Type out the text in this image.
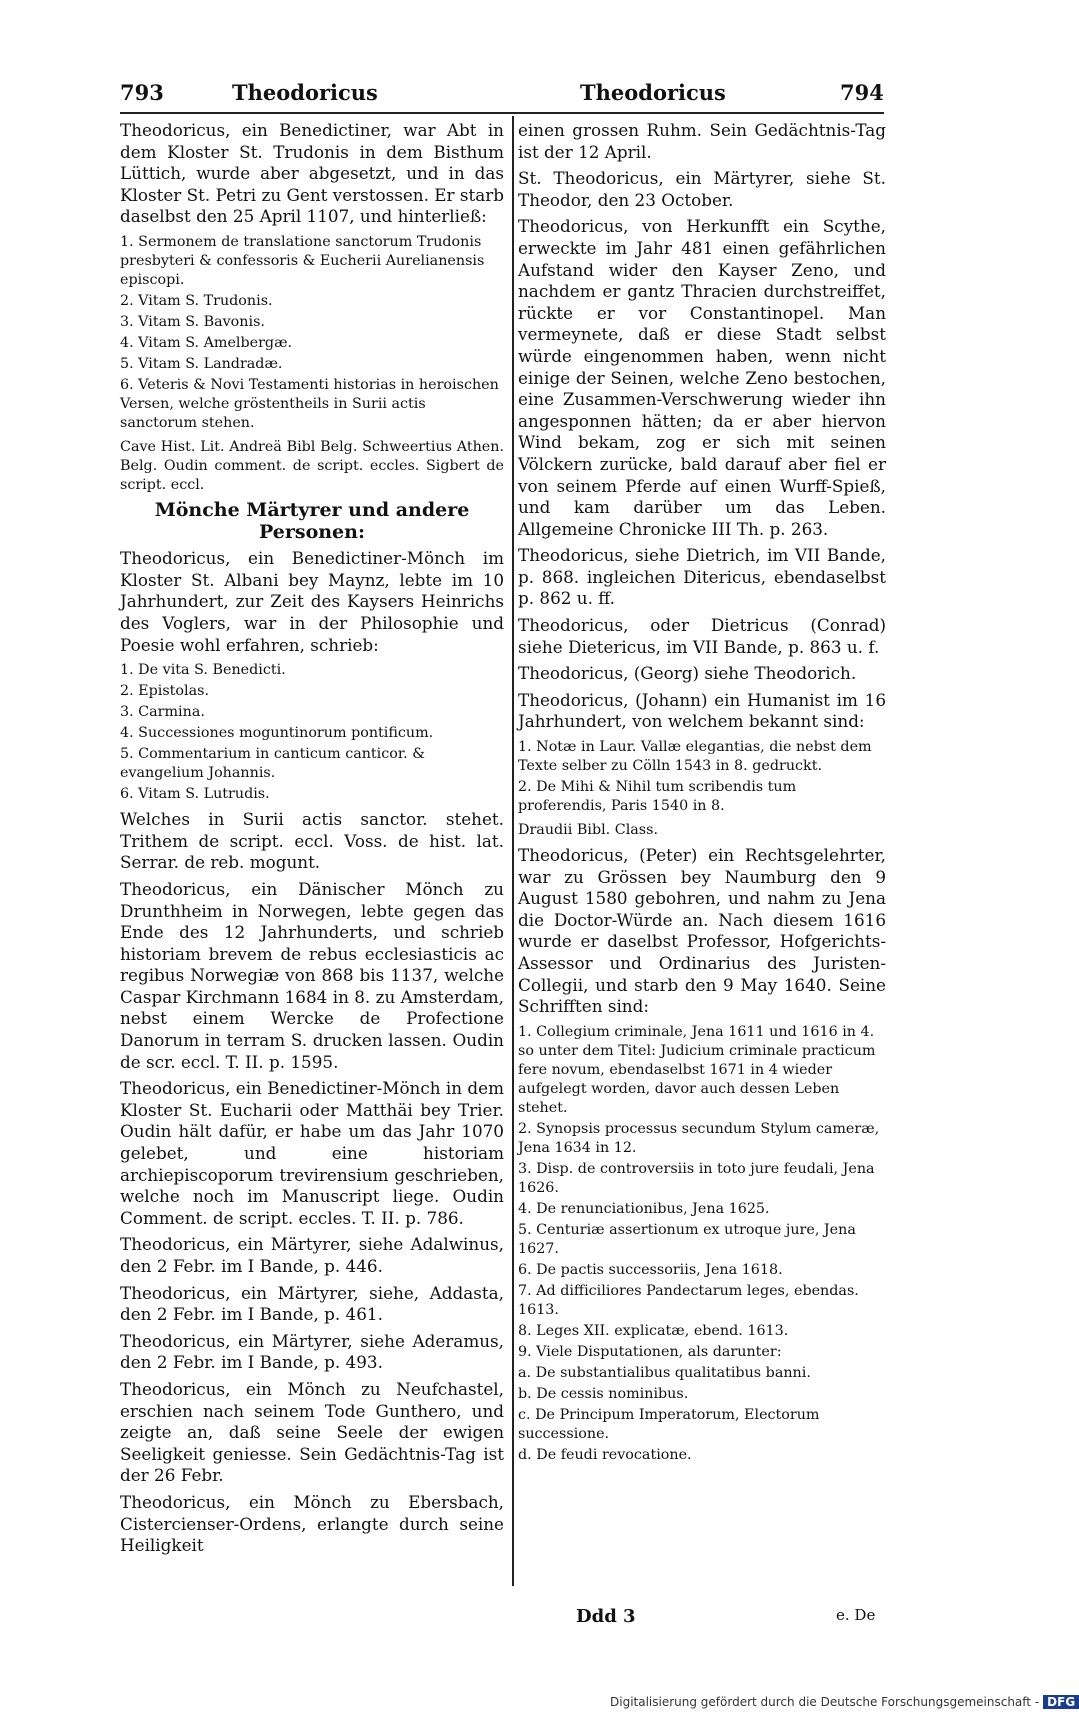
793	Theodoricus	Theodoricus	794

Theodoricus, ein Benedictiner, war Abt in dem Kloster St. Trudonis in dem Bisthum Lüttich, wurde aber abgesetzt, und in das Kloster St. Petri zu Gent verstossen. Er starb daselbst den 25 April 1107, und hinterließ:

1. Sermonem de translatione sanctorum Trudonis presbyteri & confessoris & Eucherii Aurelianensis episcopi.
2. Vitam S. Trudonis.
3. Vitam S. Bavonis.
4. Vitam S. Amelbergæ.
5. Vitam S. Landradæ.
6. Veteris & Novi Testamenti historias in heroischen Versen, welche gröstentheils in Surii actis sanctorum stehen.

Cave Hist. Lit. Andreä Bibl Belg. Schweertius Athen. Belg. Oudin comment. de script. eccles. Sigbert de script. eccl.

Mönche Märtyrer und andere Personen:

Theodoricus, ein Benedictiner-Mönch im Kloster St. Albani bey Maynz, lebte im 10 Jahrhundert, zur Zeit des Kaysers Heinrichs des Voglers, war in der Philosophie und Poesie wohl erfahren, schrieb:

1. De vita S. Benedicti.
2. Epistolas.
3. Carmina.
4. Successiones moguntinorum pontificum.
5. Commentarium in canticum canticor. & evangelium Johannis.
6. Vitam S. Lutrudis.

Welches in Surii actis sanctor. stehet. Trithem de script. eccl. Voss. de hist. lat. Serrar. de reb. mogunt.

Theodoricus, ein Dänischer Mönch zu Drunthheim in Norwegen, lebte gegen das Ende des 12 Jahrhunderts, und schrieb historiam brevem de rebus ecclesiasticis ac regibus Norwegiæ von 868 bis 1137, welche Caspar Kirchmann 1684 in 8. zu Amsterdam, nebst einem Wercke de Profectione Danorum in terram S. drucken lassen. Oudin de scr. eccl. T. II. p. 1595.

Theodoricus, ein Benedictiner-Mönch in dem Kloster St. Eucharii oder Matthäi bey Trier. Oudin hält dafür, er habe um das Jahr 1070 gelebet, und eine historiam archiepiscoporum trevirensium geschrieben, welche noch im Manuscript liege. Oudin Comment. de script. eccles. T. II. p. 786.

Theodoricus, ein Märtyrer, siehe Adalwinus, den 2 Febr. im I Bande, p. 446.

Theodoricus, ein Märtyrer, siehe, Addasta, den 2 Febr. im I Bande, p. 461.

Theodoricus, ein Märtyrer, siehe Aderamus, den 2 Febr. im I Bande, p. 493.

Theodoricus, ein Mönch zu Neufchastel, erschien nach seinem Tode Gunthero, und zeigte an, daß seine Seele der ewigen Seeligkeit geniesse. Sein Gedächtnis-Tag ist der 26 Febr.

Theodoricus, ein Mönch zu Ebersbach, Cistercienser-Ordens, erlangte durch seine Heiligkeit

einen grossen Ruhm. Sein Gedächtnis-Tag ist der 12 April.

St. Theodoricus, ein Märtyrer, siehe St. Theodor, den 23 October.

Theodoricus, von Herkunfft ein Scythe, erweckte im Jahr 481 einen gefährlichen Aufstand wider den Kayser Zeno, und nachdem er gantz Thracien durchstreiffet, rückte er vor Constantinopel. Man vermeynete, daß er diese Stadt selbst würde eingenommen haben, wenn nicht einige der Seinen, welche Zeno bestochen, eine Zusammen-Verschwerung wieder ihn angesponnen hätten; da er aber hiervon Wind bekam, zog er sich mit seinen Völckern zurücke, bald darauf aber fiel er von seinem Pferde auf einen Wurff-Spieß, und kam darüber um das Leben. Allgemeine Chronicke III Th. p. 263.

Theodoricus, siehe Dietrich, im VII Bande, p. 868. ingleichen Ditericus, ebendaselbst p. 862 u. ff.

Theodoricus, oder Dietricus (Conrad) siehe Dietericus, im VII Bande, p. 863 u. f.

Theodoricus, (Georg) siehe Theodorich.

Theodoricus, (Johann) ein Humanist im 16 Jahrhundert, von welchem bekannt sind:

1. Notæ in Laur. Vallæ elegantias, die nebst dem Texte selber zu Cölln 1543 in 8. gedruckt.
2. De Mihi & Nihil tum scribendis tum proferendis, Paris 1540 in 8.

Draudii Bibl. Class.

Theodoricus, (Peter) ein Rechtsgelehrter, war zu Grössen bey Naumburg den 9 August 1580 gebohren, und nahm zu Jena die Doctor-Würde an. Nach diesem 1616 wurde er daselbst Professor, Hofgerichts-Assessor und Ordinarius des Juristen-Collegii, und starb den 9 May 1640. Seine Schrifften sind:

1. Collegium criminale, Jena 1611 und 1616 in 4. so unter dem Titel: Judicium criminale practicum fere novum, ebendaselbst 1671 in 4 wieder aufgelegt worden, davor auch dessen Leben stehet.
2. Synopsis processus secundum Stylum cameræ, Jena 1634 in 12.
3. Disp. de controversiis in toto jure feudali, Jena 1626.
4. De renunciationibus, Jena 1625.
5. Centuriæ assertionum ex utroque jure, Jena 1627.
6. De pactis successoriis, Jena 1618.
7. Ad difficiliores Pandectarum leges, ebendas. 1613.
8. Leges XII. explicatæ, ebend. 1613.
9. Viele Disputationen, als darunter:
a. De substantialibus qualitatibus banni.
b. De cessis nominibus.
c. De Principum Imperatorum, Electorum successione.
d. De feudi revocatione.
Ddd 3	e. De
Digitalisierung gefördert durch die Deutsche Forschungsgemeinschaft - DFG
